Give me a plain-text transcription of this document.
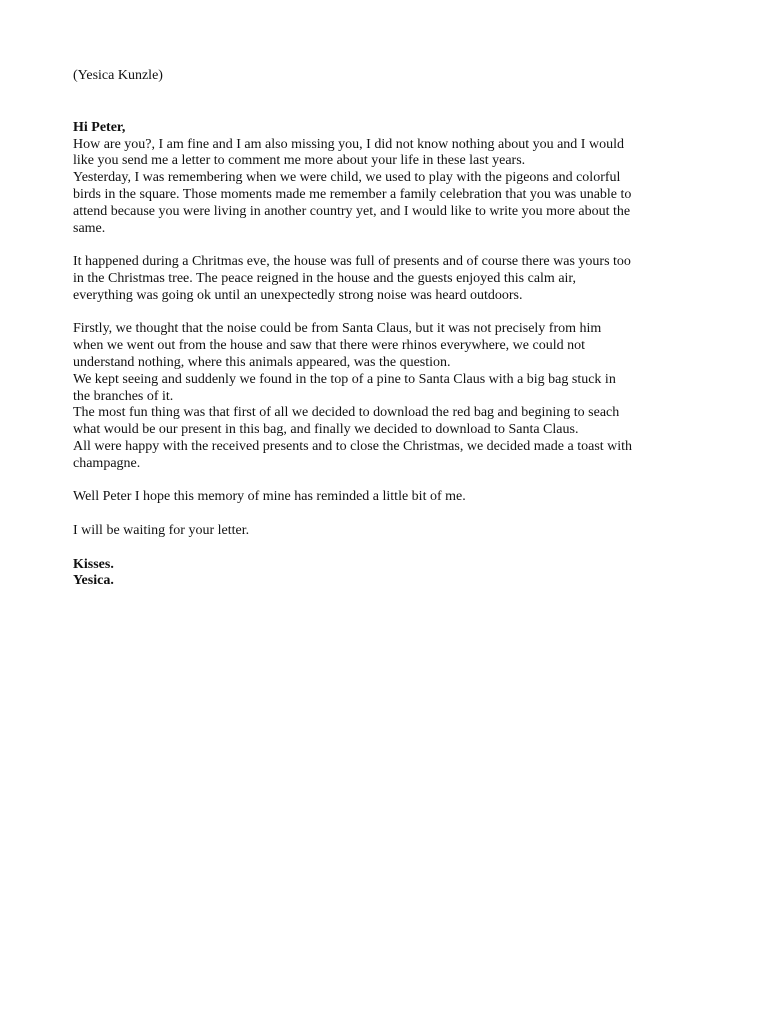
(Yesica Kunzle)
Hi Peter,
How are you?, I am fine and I am also missing you, I did not know nothing about you and I would
like you send me a letter to comment me more about your life in these last years.
Yesterday, I was remembering when we were child, we used to play with the pigeons and colorful
birds in the square. Those moments made me remember a family celebration that you was unable to
attend because you were living in another country yet, and I would like to write you more about the
same.
It happened during a Chritmas eve, the house was full of presents and of course there was yours too
in the Christmas tree. The peace reigned in the house and the guests enjoyed this calm air,
everything was going ok until an unexpectedly strong noise was heard outdoors.
Firstly, we thought that the noise could be from Santa Claus, but it was not precisely from him
when we went out from the house and saw that there were rhinos everywhere, we could not
understand nothing, where this animals appeared, was the question.
We kept seeing and suddenly we found in the top of a pine to Santa Claus with a big bag stuck in
the branches of it.
The most fun thing was that first of all we decided to download the red bag and begining to seach
what would be our present in this bag, and finally we decided to download to Santa Claus.
All were happy with the received presents and to close the Christmas, we decided made a toast with
champagne.
Well Peter I hope this memory of mine has reminded a little bit of me.
I will be waiting for your letter.
Kisses.
Yesica.
